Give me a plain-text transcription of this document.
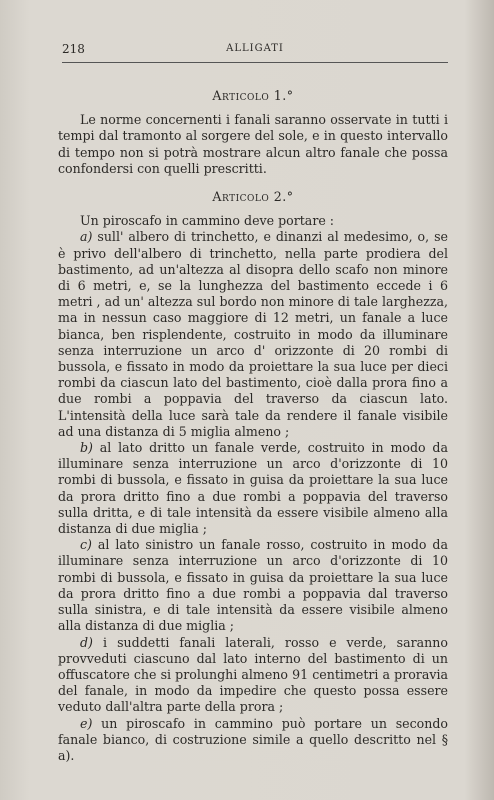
218	ALLIGATI
Articolo 1.°

Le norme concernenti i fanali saranno osservate in tutti i tempi dal tramonto al sorgere del sole, e in questo intervallo di tempo non si potrà mostrare alcun altro fanale che possa confondersi con quelli prescritti.

Articolo 2.°

Un piroscafo in cammino deve portare :

a) sull' albero di trinchetto, e dinanzi al medesimo, o, se è privo dell'albero di trinchetto, nella parte prodiera del bastimento, ad un'altezza al disopra dello scafo non minore di 6 metri, e, se la lunghezza del bastimento eccede i 6 metri , ad un' altezza sul bordo non minore di tale larghezza, ma in nessun caso maggiore di 12 metri, un fanale a luce bianca, ben risplendente, costruito in modo da illuminare senza interruzione un arco d' orizzonte di 20 rombi di bussola, e fissato in modo da proiettare la sua luce per dieci rombi da ciascun lato del bastimento, cioè dalla prora fino a due rombi a poppavia del traverso da ciascun lato. L'intensità della luce sarà tale da rendere il fanale visibile ad una distanza di 5 miglia almeno ;

b) al lato dritto un fanale verde, costruito in modo da illuminare senza interruzione un arco d'orizzonte di 10 rombi di bussola, e fissato in guisa da proiettare la sua luce da prora dritto fino a due rombi a poppavia del traverso sulla dritta, e di tale intensità da essere visibile almeno alla distanza di due miglia ;

c) al lato sinistro un fanale rosso, costruito in modo da illuminare senza interruzione un arco d'orizzonte di 10 rombi di bussola, e fissato in guisa da proiettare la sua luce da prora dritto fino a due rombi a poppavia dal traverso sulla sinistra, e di tale intensità da essere visibile almeno alla distanza di due miglia ;

d) i suddetti fanali laterali, rosso e verde, saranno provveduti ciascuno dal lato interno del bastimento di un offuscatore che si prolunghi almeno 91 centimetri a proravia del fanale, in modo da impedire che questo possa essere veduto dall'altra parte della prora ;

e) un piroscafo in cammino può portare un secondo fanale bianco, di costruzione simile a quello descritto nel § a).
